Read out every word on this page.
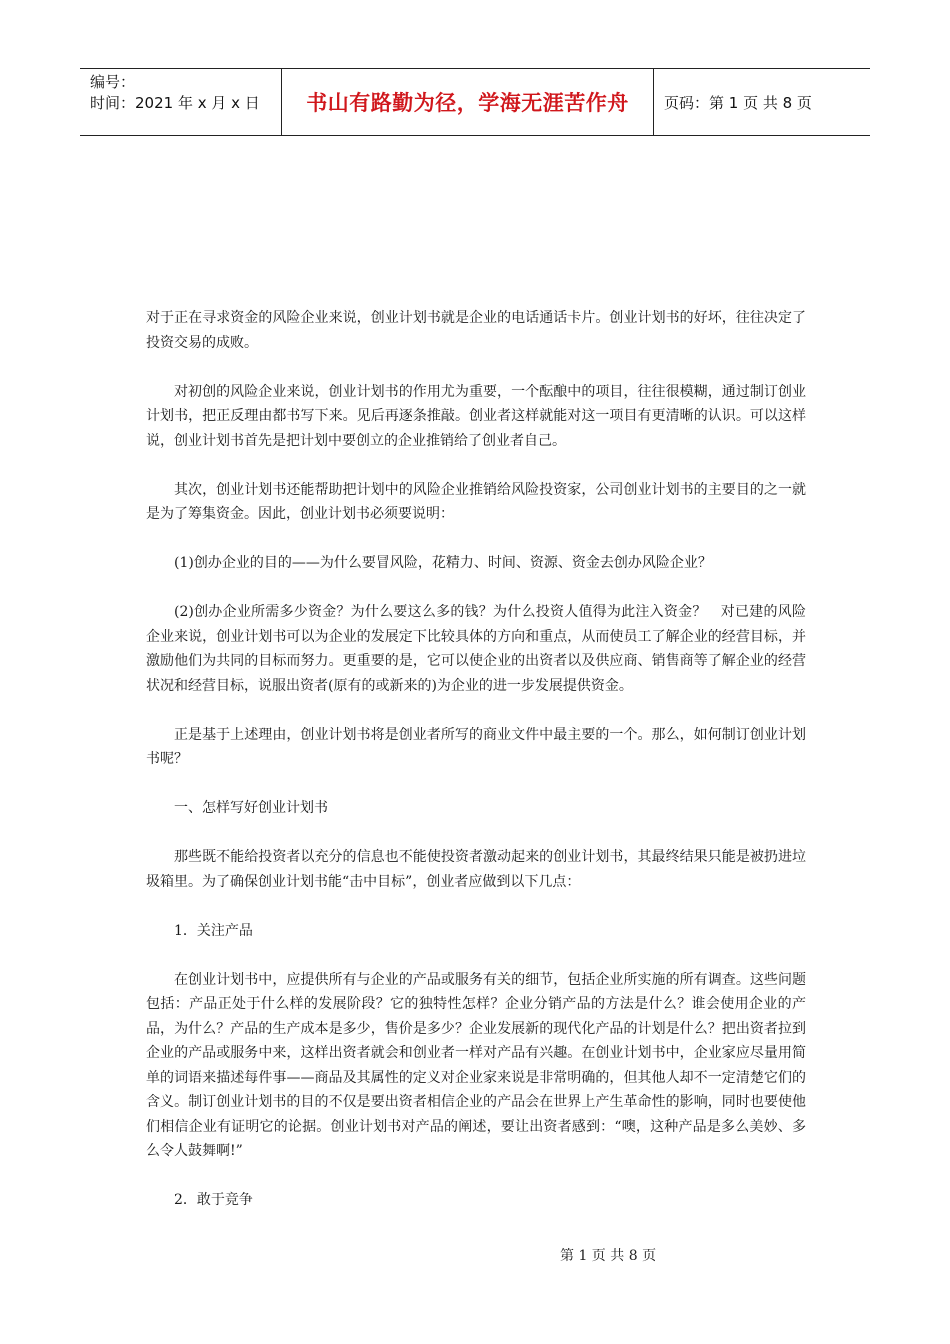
编号：
时间：2021 年 x 月 x 日	书山有路勤为径，学海无涯苦作舟 页码：第 1 页 共 8 页

对于正在寻求资金的风险企业来说，创业计划书就是企业的电话通话卡片。创业计划书的好坏，往往决定了投资交易的成败。

对初创的风险企业来说，创业计划书的作用尤为重要，一个酝酿中的项目，往往很模糊，通过制订创业计划书，把正反理由都书写下来。见后再逐条推敲。创业者这样就能对这一项目有更清晰的认识。可以这样说，创业计划书首先是把计划中要创立的企业推销给了创业者自己。

其次，创业计划书还能帮助把计划中的风险企业推销给风险投资家，公司创业计划书的主要目的之一就是为了筹集资金。因此，创业计划书必须要说明：

(1)创办企业的目的——为什么要冒风险，花精力、时间、资源、资金去创办风险企业？

(2)创办企业所需多少资金？为什么要这么多的钱？为什么投资人值得为此注入资金？　对已建的风险企业来说，创业计划书可以为企业的发展定下比较具体的方向和重点，从而使员工了解企业的经营目标，并激励他们为共同的目标而努力。更重要的是，它可以使企业的出资者以及供应商、销售商等了解企业的经营状况和经营目标，说服出资者(原有的或新来的)为企业的进一步发展提供资金。

正是基于上述理由，创业计划书将是创业者所写的商业文件中最主要的一个。那么，如何制订创业计划书呢？

一、怎样写好创业计划书

那些既不能给投资者以充分的信息也不能使投资者激动起来的创业计划书，其最终结果只能是被扔进垃圾箱里。为了确保创业计划书能“击中目标”，创业者应做到以下几点：

1．关注产品

在创业计划书中，应提供所有与企业的产品或服务有关的细节，包括企业所实施的所有调查。这些问题包括：产品正处于什么样的发展阶段？它的独特性怎样？企业分销产品的方法是什么？谁会使用企业的产品，为什么？产品的生产成本是多少，售价是多少？企业发展新的现代化产品的计划是什么？把出资者拉到企业的产品或服务中来，这样出资者就会和创业者一样对产品有兴趣。在创业计划书中，企业家应尽量用简单的词语来描述每件事——商品及其属性的定义对企业家来说是非常明确的，但其他人却不一定清楚它们的含义。制订创业计划书的目的不仅是要出资者相信企业的产品会在世界上产生革命性的影响，同时也要使他们相信企业有证明它的论据。创业计划书对产品的阐述，要让出资者感到：“噢，这种产品是多么美妙、多么令人鼓舞啊!”

2．敢于竞争

第 1 页 共 8 页
